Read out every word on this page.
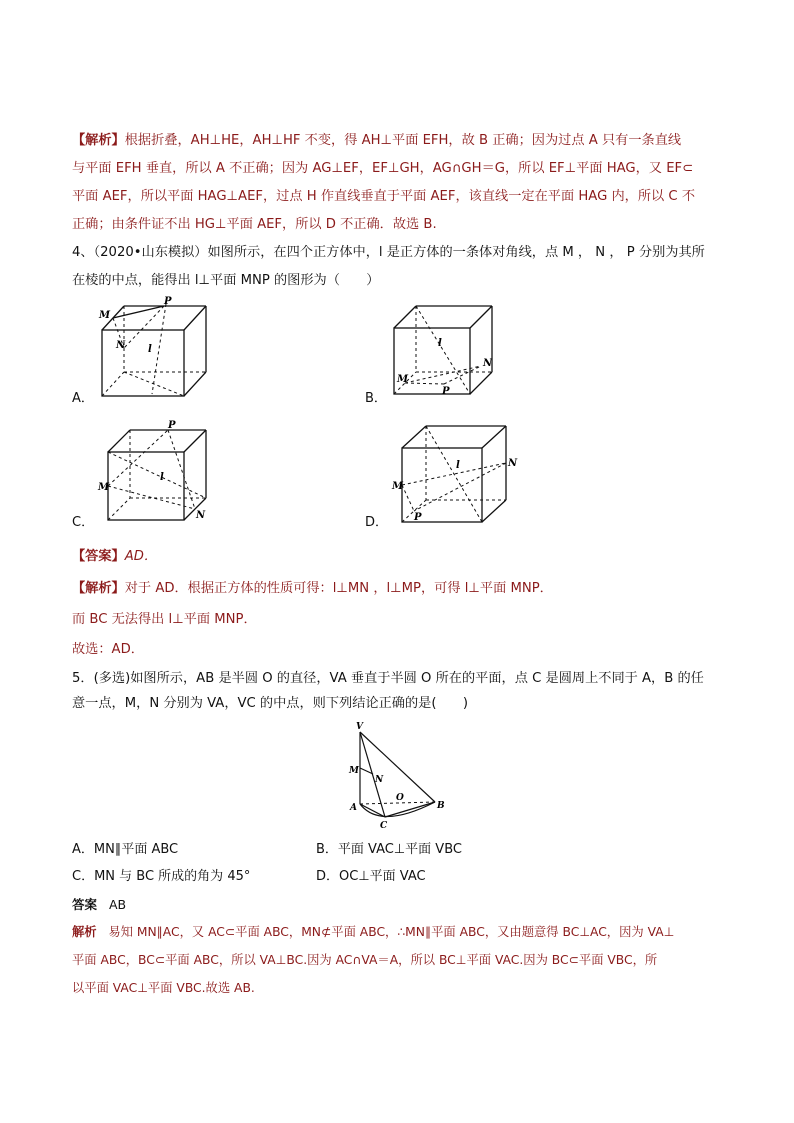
【解析】根据折叠，AH⊥HE，AH⊥HF 不变，得 AH⊥平面 EFH，故 B 正确；因为过点 A 只有一条直线
与平面 EFH 垂直，所以 A 不正确；因为 AG⊥EF，EF⊥GH，AG∩GH＝G，所以 EF⊥平面 HAG，又 EF⊂
平面 AEF，所以平面 HAG⊥AEF，过点 H 作直线垂直于平面 AEF，该直线一定在平面 HAG 内，所以 C 不
正确；由条件证不出 HG⊥平面 AEF，所以 D 不正确．故选 B.
4、（2020•山东模拟）如图所示，在四个正方体中，l 是正方体的一条体对角线，点 M ， N ， P 分别为其所
在棱的中点，能得出 l⊥平面 MNP 的图形为（　　）
M
P
N l
A．
M
N
P
l
B．
M
P
N
l
C．
M
N
P
l
D．
【答案】AD．
【解析】对于 AD．根据正方体的性质可得：l⊥MN ，l⊥MP，可得 l⊥平面 MNP．
而 BC 无法得出 l⊥平面 MNP．
故选：AD．
5．(多选)如图所示，AB 是半圆 O 的直径，VA 垂直于半圆 O 所在的平面，点 C 是圆周上不同于 A，B 的任
意一点，M，N 分别为 VA，VC 的中点，则下列结论正确的是(　　)
V
M
N
A
O
B
C
A．MN∥平面 ABC	B．平面 VAC⊥平面 VBC
C．MN 与 BC 所成的角为 45°	D．OC⊥平面 VAC
答案 AB
解析 易知 MN∥AC，又 AC⊂平面 ABC，MN⊄平面 ABC，∴MN∥平面 ABC，又由题意得 BC⊥AC，因为 VA⊥
平面 ABC，BC⊂平面 ABC，所以 VA⊥BC.因为 AC∩VA＝A，所以 BC⊥平面 VAC.因为 BC⊂平面 VBC，所
以平面 VAC⊥平面 VBC.故选 AB.
